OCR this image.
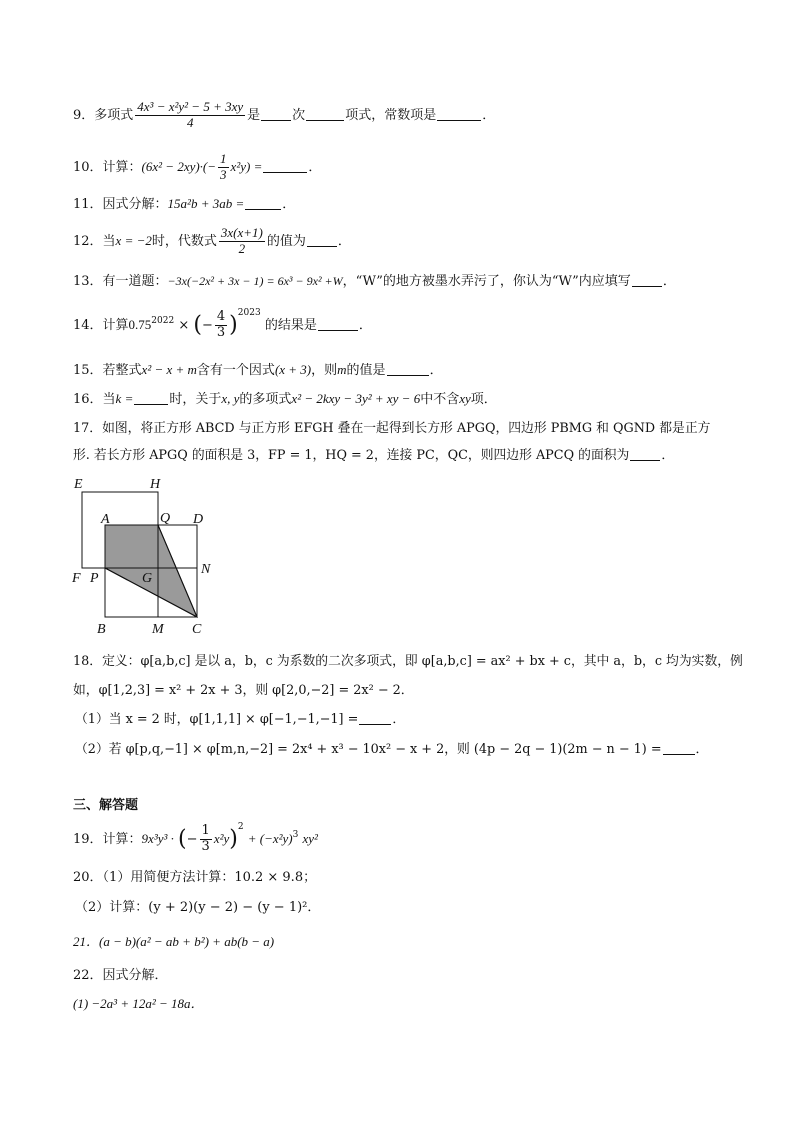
9．多项式 $\frac{\text{4x³ − x²y² − 5 + 3xy}}{4}$ 是 次	项式，常数项是	．
10．计算：$(6x^2 - 2xy)\cdot(- \frac{1}{3} x^2y)$ =	．
11．因式分解：15a²b + 3ab =	．
12．当x = −2时，代数式 $\frac{3x(x+1)}{2}$ 的值为 ．
13．有一道题：−3x(−2x² + 3x − 1) = 6x³ − 9x² +W，“W”的地方被墨水弄污了，你认为“W”内应填写 ．
14．计算$0.75^{2022}$ × (− $\frac{4}{3} )^{2023}$ 的结果是	．
15．若整式x² − x + m含有一个因式(x + 3)，则m的值是	．
16．当k =	时，关于x, y的多项式x² − 2kxy − 3y² + xy − 6中不含xy项．
17．如图，将正方形 ABCD 与正方形 EFGH 叠在一起得到长方形 APGQ，四边形 PBMG 和 QGND 都是正方
形. 若长方形 APGQ 的面积是 3，FP = 1，HQ = 2，连接 PC，QC，则四边形 APCQ 的面积为	．
E	H
A	Q D
F P	G
N
B	M C
18．定义：φ[a,b,c] 是以 a，b，c 为系数的二次多项式，即 φ[a,b,c] = ax² + bx + c，其中 a，b，c 均为实数，例
如，φ[1,2,3] = x² + 2x + 3，则 φ[2,0,−2] = 2x² − 2．
（1）当 x = 2 时，φ[1,1,1] × φ[−1,−1,−1] =	．
（2）若 φ[p,q,−1] × φ[m,n,−2] = 2x⁴ + x³ − 10x² − x + 2，则 (4p − 2q − 1)(2m − n − 1) =	．
三、解答题
19．计算：9x³y³ · (− $\frac{1}{3} x^2y)^2 + (-x^2y)^3$ xy²
20．（1）用简便方法计算：10.2 × 9.8；
（2）计算：(y + 2)(y − 2) − (y − 1)²．
21．(a − b)(a² − ab + b²) + ab(b − a)
22．因式分解．
(1) −2a³ + 12a² − 18a．
